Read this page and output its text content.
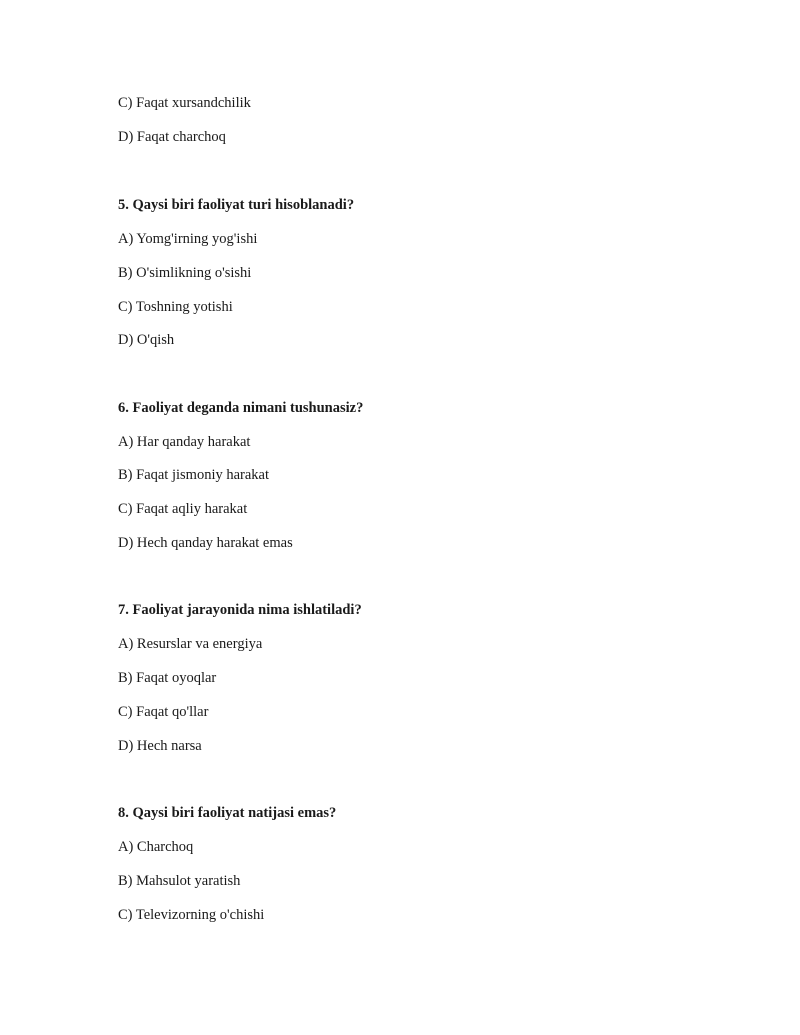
C) Faqat xursandchilik
D) Faqat charchoq
5. Qaysi biri faoliyat turi hisoblanadi?
A) Yomg'irning yog'ishi
B) O'simlikning o'sishi
C) Toshning yotishi
D) O'qish
6. Faoliyat deganda nimani tushunasiz?
A) Har qanday harakat
B) Faqat jismoniy harakat
C) Faqat aqliy harakat
D) Hech qanday harakat emas
7. Faoliyat jarayonida nima ishlatiladi?
A) Resurslar va energiya
B) Faqat oyoqlar
C) Faqat qo'llar
D) Hech narsa
8. Qaysi biri faoliyat natijasi emas?
A) Charchoq
B) Mahsulot yaratish
C) Televizorning o'chishi
